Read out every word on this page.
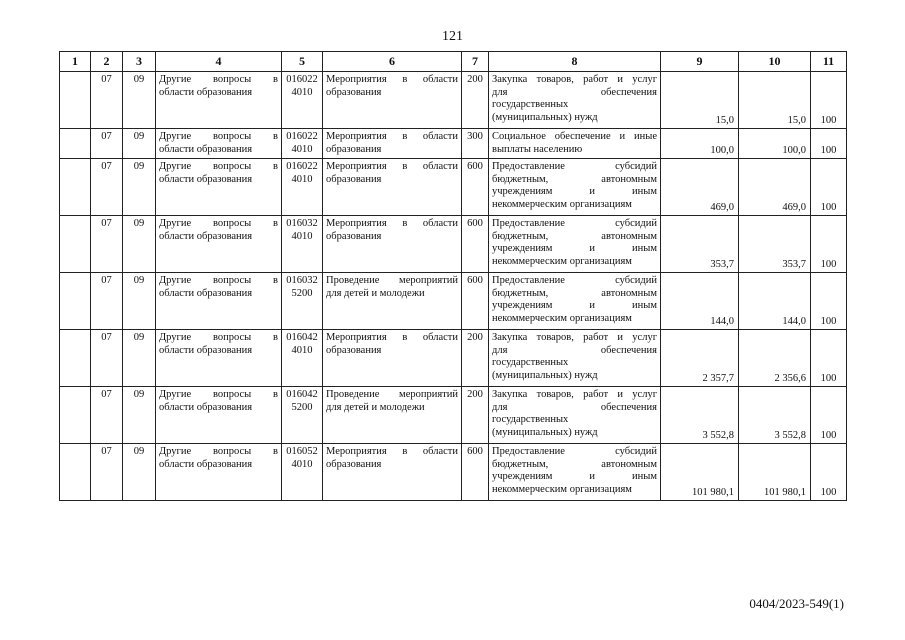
121
1	2	3	4	5	6	7	8	9	10	11
	07	09	Другие вопросы в
области образования	016022
4010	Мероприятия в области
образования	200	Закупка товаров, работ и услуг
для обеспечения
государственных
(муниципальных) нужд	15,0	15,0	100
	07	09	Другие вопросы в
области образования	016022
4010	Мероприятия в области
образования	300	Социальное обеспечение и иные
выплаты населению	100,0	100,0	100
	07	09	Другие вопросы в
области образования	016022
4010	Мероприятия в области
образования	600	Предоставление субсидий
бюджетным, автономным
учреждениям и иным
некоммерческим организациям	469,0	469,0	100
	07	09	Другие вопросы в
области образования	016032
4010	Мероприятия в области
образования	600	Предоставление субсидий
бюджетным, автономным
учреждениям и иным
некоммерческим организациям	353,7	353,7	100
	07	09	Другие вопросы в
области образования	016032
5200	Проведение мероприятий
для детей и молодежи	600	Предоставление субсидий
бюджетным, автономным
учреждениям и иным
некоммерческим организациям	144,0	144,0	100
	07	09	Другие вопросы в
области образования	016042
4010	Мероприятия в области
образования	200	Закупка товаров, работ и услуг
для обеспечения
государственных
(муниципальных) нужд	2 357,7	2 356,6	100
	07	09	Другие вопросы в
области образования	016042
5200	Проведение мероприятий
для детей и молодежи	200	Закупка товаров, работ и услуг
для обеспечения
государственных
(муниципальных) нужд	3 552,8	3 552,8	100
	07	09	Другие вопросы в
области образования	016052
4010	Мероприятия в области
образования	600	Предоставление субсидий
бюджетным, автономным
учреждениям и иным
некоммерческим организациям	101 980,1	101 980,1	100
0404/2023-549(1)
